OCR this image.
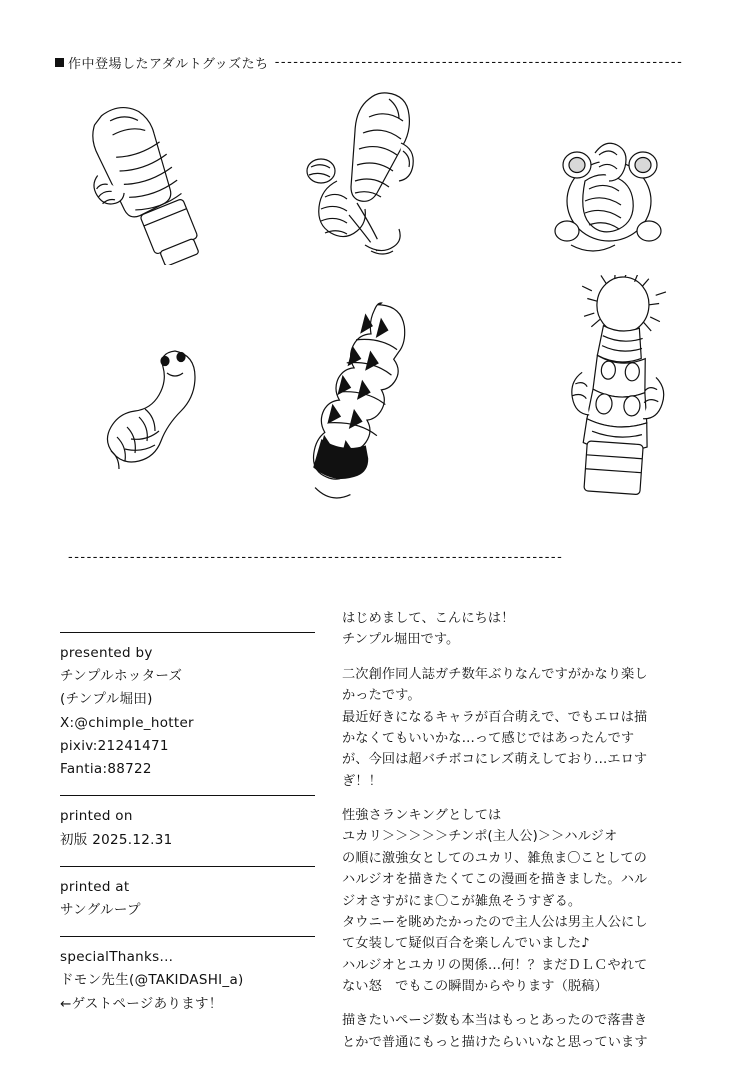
作中登場したアダルトグッズたち ------------------------------------------------------------------
--------------------------------------------------------------------------------
presented by
チンプルホッターズ
(チンプル堀田)
X:@chimple_hotter
pixiv:21241471
Fantia:88722
printed on
初版 2025.12.31
printed at
サングループ
specialThanks...
ドモン先生(@TAKIDASHI_a)
←ゲストページあります！
はじめまして、こんにちは！
チンプル堀田です。
二次創作同人誌ガチ数年ぶりなんですがかなり楽し
かったです。
最近好きになるキャラが百合萌えで、でもエロは描
かなくてもいいかな…って感じではあったんです
が、今回は超バチボコにレズ萌えしており…エロす
ぎ！！
性強さランキングとしては
ユカリ＞＞＞＞＞チンポ(主人公)＞＞ハルジオ
の順に激強女としてのユカリ、雑魚ま〇ことしての
ハルジオを描きたくてこの漫画を描きました。ハル
ジオさすがにま〇こが雑魚そうすぎる。
タウニーを眺めたかったので主人公は男主人公にし
て女装して疑似百合を楽しんでいました♪
ハルジオとユカリの関係…何！？まだＤＬＣやれて
ない怒　でもこの瞬間からやります（脱稿）
描きたいページ数も本当はもっとあったので落書き
とかで普通にもっと描けたらいいなと思っています
